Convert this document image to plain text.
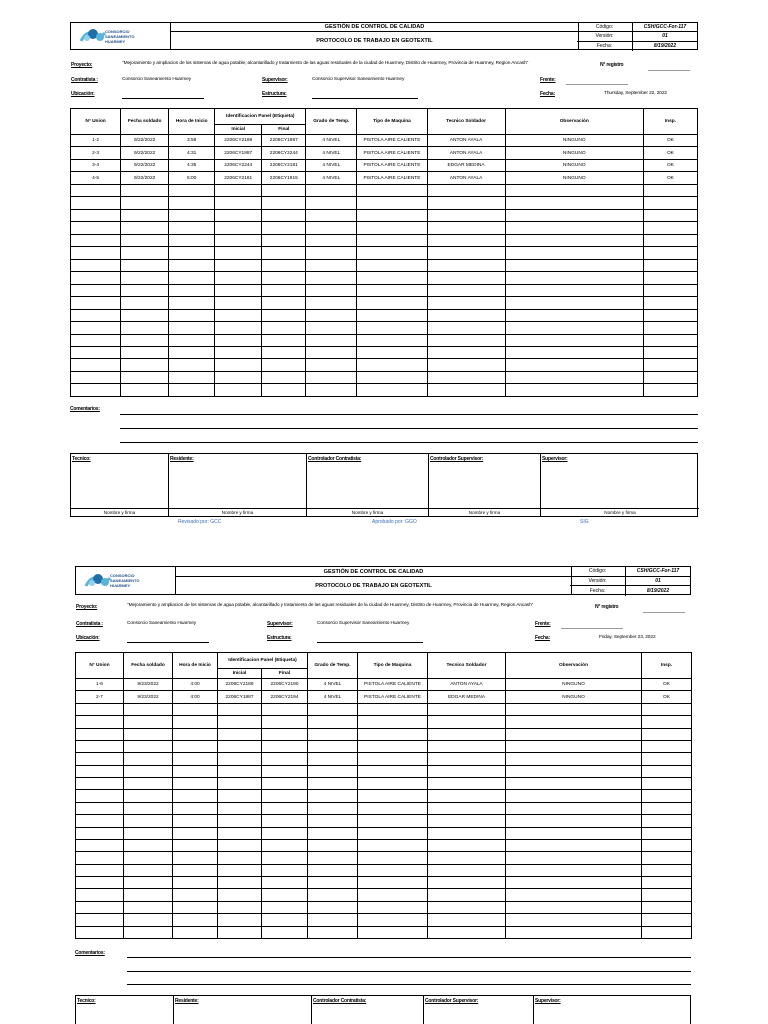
CONSORCIO
SANEAMIENTO
HUARMEY
GESTIÓN DE CONTROL DE CALIDAD
PROTOCOLO DE TRABAJO EN GEOTEXTIL
Código:	CSH/GCC-For-117
Versión:	01
Fecha:	8/19/2022
Proyecto:	"Mejoramiento y ampliacion de los sistemas de agua potable, alcantarillado y tratamiento de las aguas residuales de la ciudad de Huarmey, Distrito de Huarmey, Provincia de Huarmey, Region Ancash"	N° registro
Contratista :	Consorcio Saneamiento Huarmey	Supervisor:	Consorcio Supervisor Saneamiento Huarmey	Frente:
Ubicación:	Estructura:	Fecha:	Thursday, September 22, 2022
N° Union	Fecha soldado	Hora de Inicio	Identificacion Panel (Etiqueta)		Grado de Temp.	Tipo de Maquina	Tecnico Soldador	Observación	Insp.
			Inicial	Final					
1-2	9/22/2022	3:58	2206CY2189	2206CY1887	4 NIVEL	PISTOLA AIRE CALIENTE	ANTON AYALA	NINGUNO	OK
2-3	9/22/2022	4:31	2206CY1887	2206CY2244	4 NIVEL	PISTOLA AIRE CALIENTE	ANTON AYALA	NINGUNO	OK
3-4	9/22/2022	4:35	2206CY2244	2206CY2181	4 NIVEL	PISTOLA AIRE CALIENTE	EDGAR MEDINA	NINGUNO	OK
4-5	9/22/2022	5:00	2206CY2181	2206CY1915	4 NIVEL	PISTOLA AIRE CALIENTE	ANTON AYALA	NINGUNO	OK

Comentarios:
Tecnico:
Nombre y firma
Residente:
Nombre y firma
Controlador Contratista:
Nombre y firma
Controlador Supervisor:
Nombre y firma
Supervisor:
Nombre y firma
Revisado por: GCC	Aprobado por: GGO	SIG
CONSORCIO
SANEAMIENTO
HUARMEY
GESTIÓN DE CONTROL DE CALIDAD
PROTOCOLO DE TRABAJO EN GEOTEXTIL
Código:	CSH/GCC-For-117
Versión:	01
Fecha:	8/19/2022
Proyecto:	"Mejoramiento y ampliacion de los sistemas de agua potable, alcantarillado y tratamiento de las aguas residuales de la ciudad de Huarmey, Distrito de Huarmey, Provincia de Huarmey, Region Ancash"	N° registro
Contratista :	Consorcio Saneamiento Huarmey	Supervisor:	Consorcio Supervisor Saneamiento Huarmey	Frente:
Ubicación:	Estructura:	Fecha:	Friday, September 23, 2022
N° Union	Fecha soldado	Hora de Inicio	Identificacion Panel (Etiqueta)		Grado de Temp.	Tipo de Maquina	Tecnico Soldador	Observación	Insp.
			Inicial	Final					
1-6	9/23/2022	4:00	2206CY2189	2206CY2190	4 NIVEL	PISTOLA AIRE CALIENTE	ANTON AYALA	NINGUNO	OK
2-7	9/23/2022	4:00	2206CY1887	2206CY2194	4 NIVEL	PISTOLA AIRE CALIENTE	EDGAR MEDINA	NINGUNO	OK

Comentarios:
Tecnico:	Residente:	Controlador Contratista:	Controlador Supervisor:	Supervisor:
